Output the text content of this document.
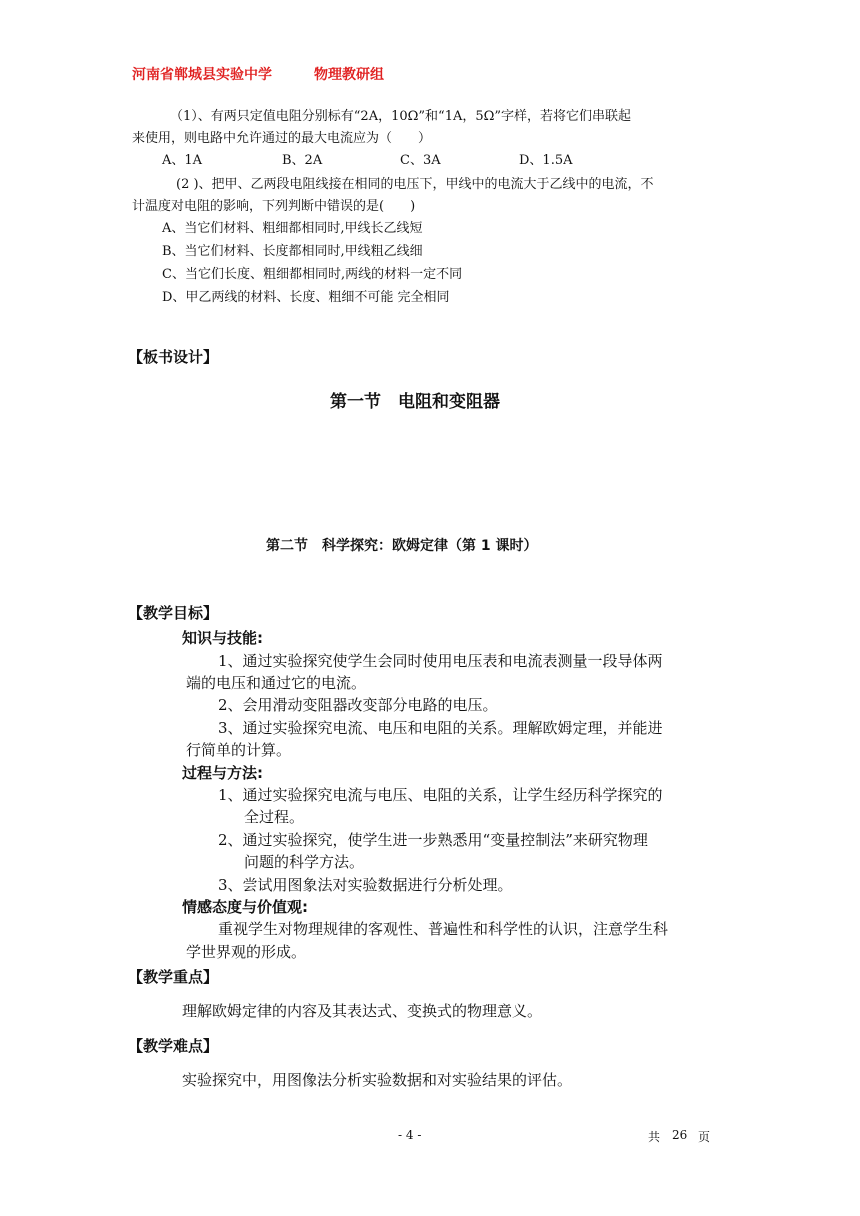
河南省郸城县实验中学	物理教研组
（1）、有两只定值电阻分别标有“2A，10Ω”和“1A，5Ω”字样，若将它们串联起
来使用，则电路中允许通过的最大电流应为（　　）
A、1A	B、2A	C、3A	D、1.5A
(2 )、把甲、乙两段电阻线接在相同的电压下，甲线中的电流大于乙线中的电流，不
计温度对电阻的影响，下列判断中错误的是(　　)
A、当它们材料、粗细都相同时,甲线长乙线短
B、当它们材料、长度都相同时,甲线粗乙线细
C、当它们长度、粗细都相同时,两线的材料一定不同
D、甲乙两线的材料、长度、粗细不可能 完全相同
【板书设计】
第一节　电阻和变阻器
第二节　科学探究：欧姆定律（第 1 课时）
【教学目标】
知识与技能:
1、通过实验探究使学生会同时使用电压表和电流表测量一段导体两
端的电压和通过它的电流。
2、会用滑动变阻器改变部分电路的电压。
3、通过实验探究电流、电压和电阻的关系。理解欧姆定理，并能进
行简单的计算。
过程与方法:
1、通过实验探究电流与电压、电阻的关系，让学生经历科学探究的
全过程。
2、通过实验探究，使学生进一步熟悉用“变量控制法”来研究物理
问题的科学方法。
3、尝试用图象法对实验数据进行分析处理。
情感态度与价值观:
重视学生对物理规律的客观性、普遍性和科学性的认识，注意学生科
学世界观的形成。
【教学重点】
理解欧姆定律的内容及其表达式、变换式的物理意义。
【教学难点】
实验探究中，用图像法分析实验数据和对实验结果的评估。
- 4 -	共 26 页
